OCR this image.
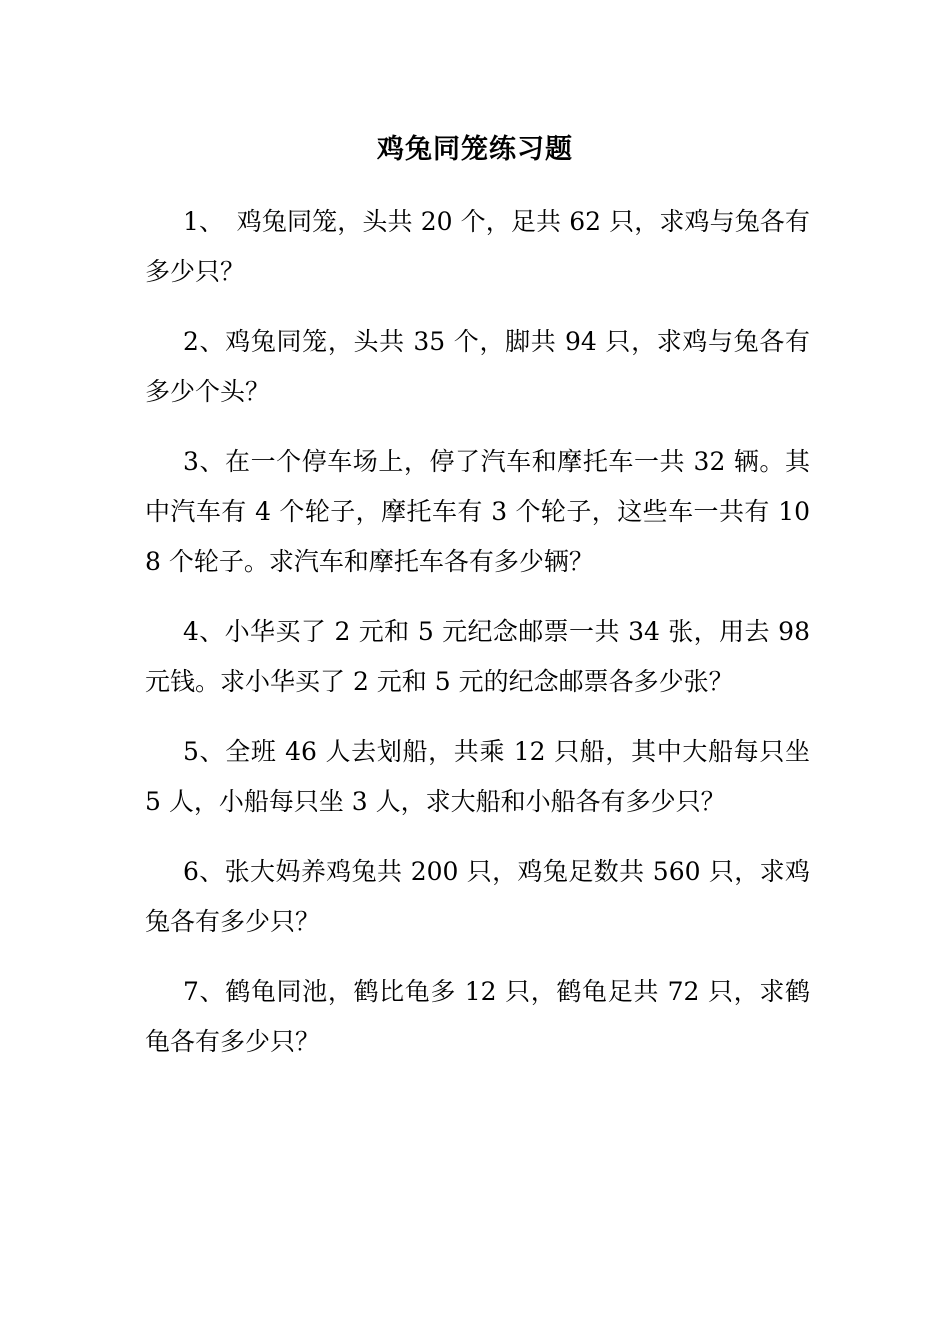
鸡兔同笼练习题

1、　鸡兔同笼，头共 20 个，足共 62 只，求鸡与兔各有多少只？

2、鸡兔同笼，头共 35 个，脚共 94 只，求鸡与兔各有多少个头？

3、在一个停车场上，停了汽车和摩托车一共 32 辆。其中汽车有 4 个轮子，摩托车有 3 个轮子，这些车一共有 108 个轮子。求汽车和摩托车各有多少辆？

4、小华买了 2 元和 5 元纪念邮票一共 34 张，用去 98 元钱。求小华买了 2 元和 5 元的纪念邮票各多少张？

5、全班 46 人去划船，共乘 12 只船，其中大船每只坐 5 人，小船每只坐 3 人，求大船和小船各有多少只？

6、张大妈养鸡兔共 200 只，鸡兔足数共 560 只，求鸡兔各有多少只？

7、鹤龟同池，鹤比龟多 12 只，鹤龟足共 72 只，求鹤龟各有多少只？
